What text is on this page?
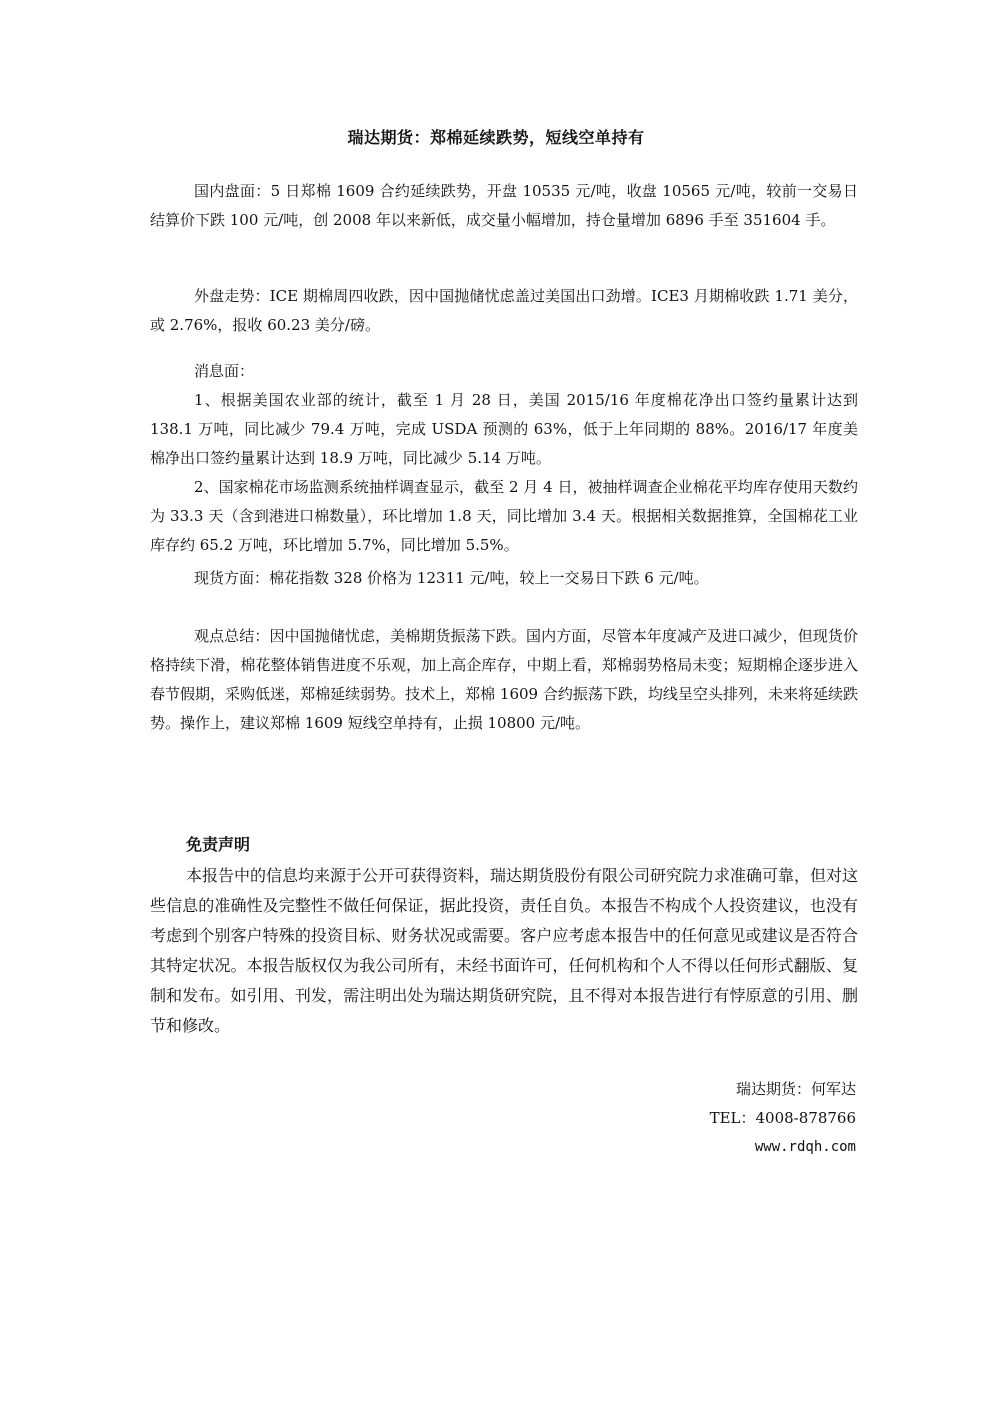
瑞达期货：郑棉延续跌势，短线空单持有

国内盘面：5 日郑棉 1609 合约延续跌势，开盘 10535 元/吨，收盘 10565 元/吨，较前一交易日结算价下跌 100 元/吨，创 2008 年以来新低，成交量小幅增加，持仓量增加 6896 手至 351604 手。

外盘走势：ICE 期棉周四收跌，因中国抛储忧虑盖过美国出口劲增。ICE3 月期棉收跌 1.71 美分，或 2.76%，报收 60.23 美分/磅。

消息面：

1、根据美国农业部的统计，截至 1 月 28 日，美国 2015/16 年度棉花净出口签约量累计达到 138.1 万吨，同比减少 79.4 万吨，完成 USDA 预测的 63%，低于上年同期的 88%。2016/17 年度美棉净出口签约量累计达到 18.9 万吨，同比减少 5.14 万吨。

2、国家棉花市场监测系统抽样调查显示，截至 2 月 4 日，被抽样调查企业棉花平均库存使用天数约为 33.3 天（含到港进口棉数量），环比增加 1.8 天，同比增加 3.4 天。根据相关数据推算，全国棉花工业库存约 65.2 万吨，环比增加 5.7%，同比增加 5.5%。

现货方面：棉花指数 328 价格为 12311 元/吨，较上一交易日下跌 6 元/吨。

观点总结：因中国抛储忧虑，美棉期货振荡下跌。国内方面，尽管本年度减产及进口减少，但现货价格持续下滑，棉花整体销售进度不乐观，加上高企库存，中期上看，郑棉弱势格局未变；短期棉企逐步进入春节假期，采购低迷，郑棉延续弱势。技术上，郑棉 1609 合约振荡下跌，均线呈空头排列，未来将延续跌势。操作上，建议郑棉 1609 短线空单持有，止损 10800 元/吨。

免责声明
本报告中的信息均来源于公开可获得资料，瑞达期货股份有限公司研究院力求准确可靠，但对这些信息的准确性及完整性不做任何保证，据此投资，责任自负。本报告不构成个人投资建议，也没有考虑到个别客户特殊的投资目标、财务状况或需要。客户应考虑本报告中的任何意见或建议是否符合其特定状况。本报告版权仅为我公司所有，未经书面许可，任何机构和个人不得以任何形式翻版、复制和发布。如引用、刊发，需注明出处为瑞达期货研究院，且不得对本报告进行有悖原意的引用、删节和修改。
瑞达期货：何军达
TEL：4008-878766
www.rdqh.com
